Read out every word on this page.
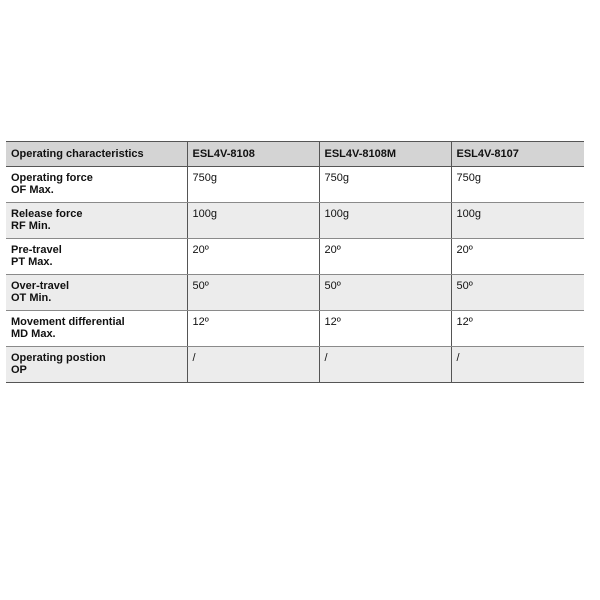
Operating characteristics	ESL4V-8108	ESL4V-8108M	ESL4V-8107

Operating force
OF Max.	750g	750g	750g

Release force
RF Min.	100g	100g	100g

Pre-travel
PT Max.	20º	20º	20º

Over-travel
OT Min.	50º	50º	50º

Movement differential
MD Max.	12º	12º	12º

Operating postion
OP	/	/	/
